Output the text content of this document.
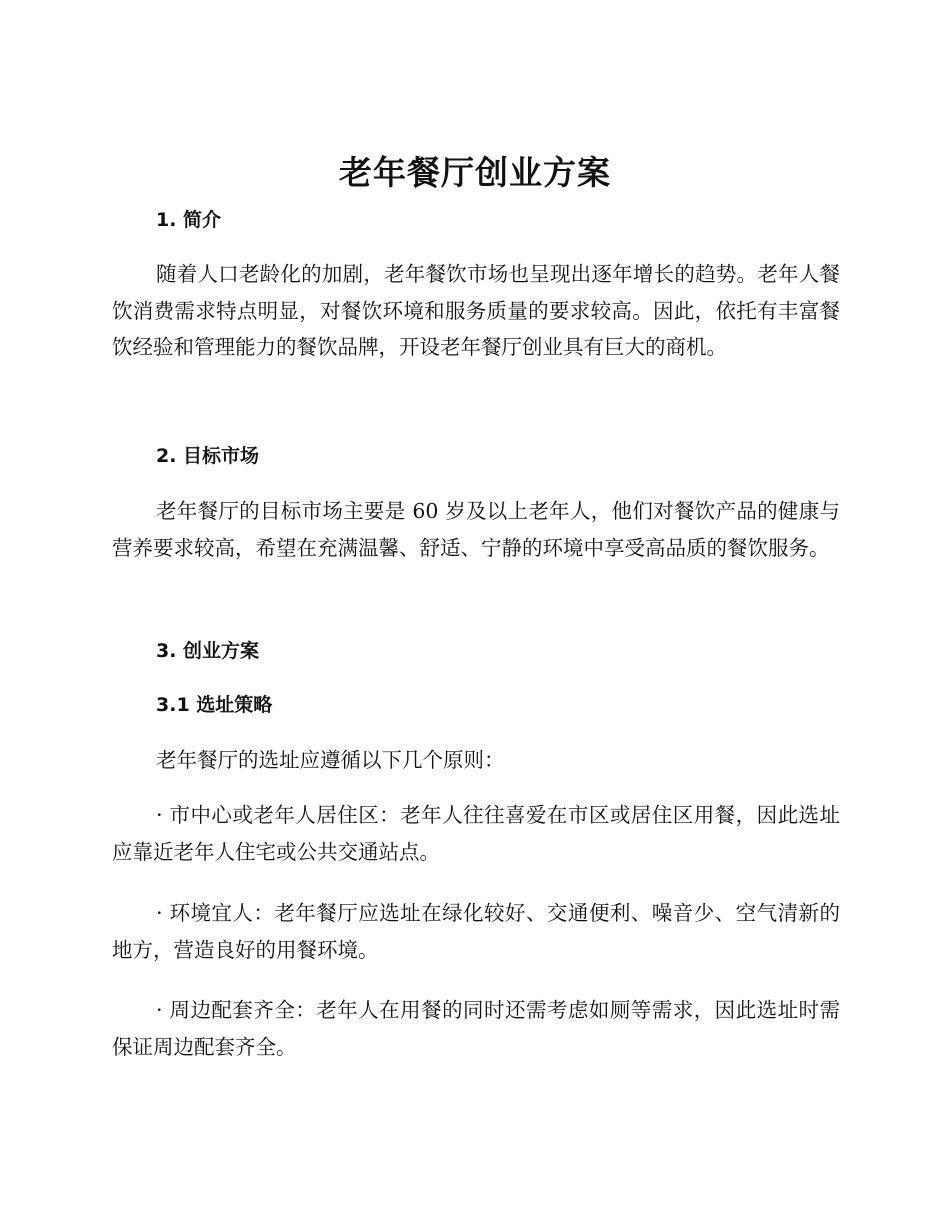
老年餐厅创业方案
1. 简介
随着人口老龄化的加剧，老年餐饮市场也呈现出逐年增长的趋势。老年人餐饮消费需求特点明显，对餐饮环境和服务质量的要求较高。因此，依托有丰富餐饮经验和管理能力的餐饮品牌，开设老年餐厅创业具有巨大的商机。
2. 目标市场
老年餐厅的目标市场主要是 60 岁及以上老年人，他们对餐饮产品的健康与营养要求较高，希望在充满温馨、舒适、宁静的环境中享受高品质的餐饮服务。
3. 创业方案
3.1 选址策略
老年餐厅的选址应遵循以下几个原则：
· 市中心或老年人居住区：老年人往往喜爱在市区或居住区用餐，因此选址应靠近老年人住宅或公共交通站点。
· 环境宜人：老年餐厅应选址在绿化较好、交通便利、噪音少、空气清新的地方，营造良好的用餐环境。
· 周边配套齐全：老年人在用餐的同时还需考虑如厕等需求，因此选址时需保证周边配套齐全。
